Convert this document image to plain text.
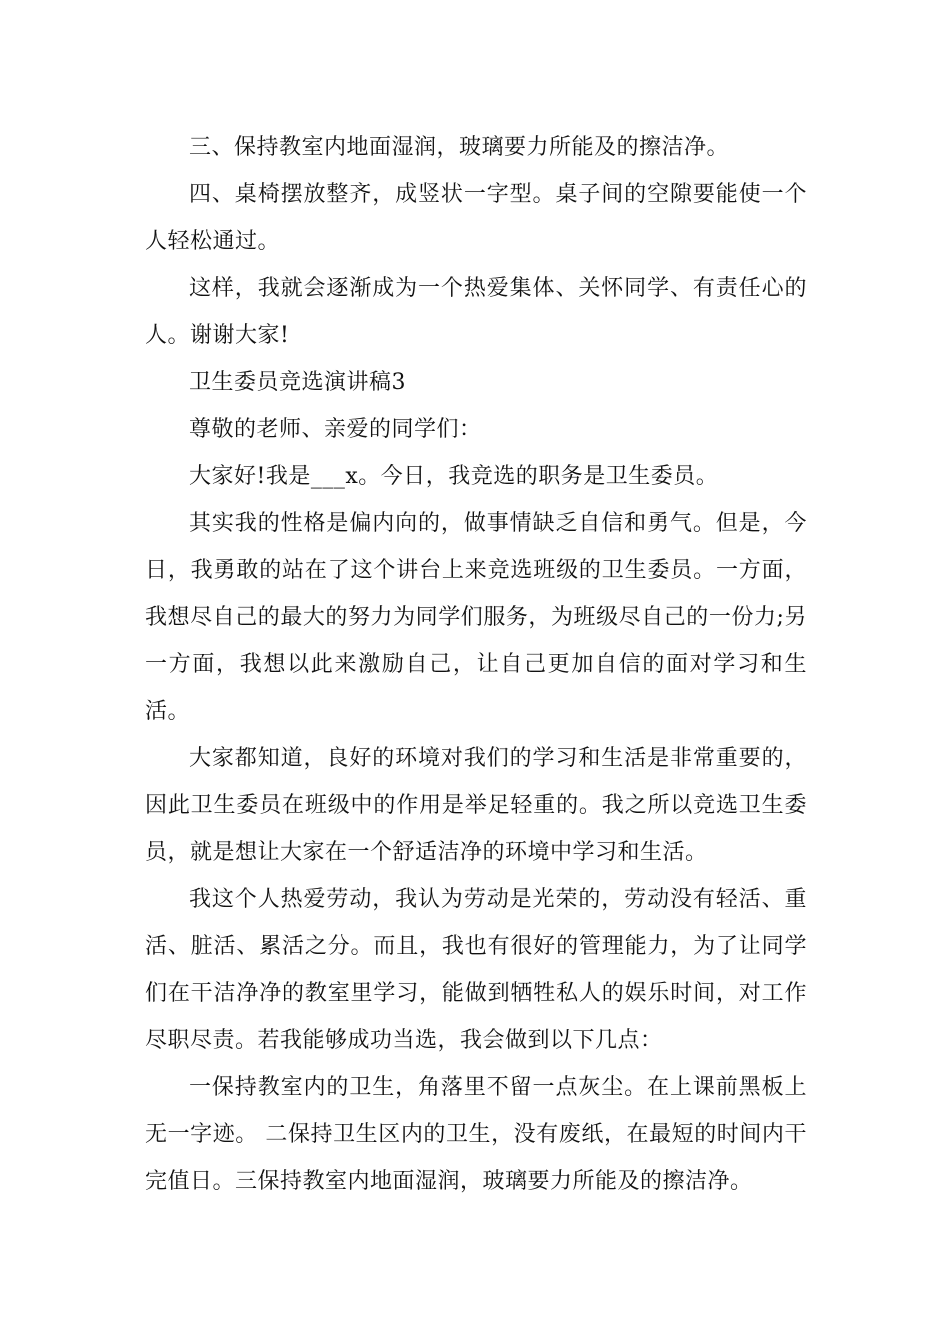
三、保持教室内地面湿润，玻璃要力所能及的擦洁净。

四、桌椅摆放整齐，成竖状一字型。桌子间的空隙要能使一个人轻松通过。

这样，我就会逐渐成为一个热爱集体、关怀同学、有责任心的人。谢谢大家!

卫生委员竞选演讲稿3

尊敬的老师、亲爱的同学们：

大家好!我是___x。今日，我竞选的职务是卫生委员。

其实我的性格是偏内向的，做事情缺乏自信和勇气。但是，今日，我勇敢的站在了这个讲台上来竞选班级的卫生委员。一方面，我想尽自己的最大的努力为同学们服务，为班级尽自己的一份力;另一方面，我想以此来激励自己，让自己更加自信的面对学习和生活。

大家都知道，良好的环境对我们的学习和生活是非常重要的，因此卫生委员在班级中的作用是举足轻重的。我之所以竞选卫生委员，就是想让大家在一个舒适洁净的环境中学习和生活。

我这个人热爱劳动，我认为劳动是光荣的，劳动没有轻活、重活、脏活、累活之分。而且，我也有很好的管理能力，为了让同学们在干洁净净的教室里学习，能做到牺牲私人的娱乐时间，对工作尽职尽责。若我能够成功当选，我会做到以下几点：

一保持教室内的卫生，角落里不留一点灰尘。在上课前黑板上无一字迹。 二保持卫生区内的卫生，没有废纸，在最短的时间内干完值日。三保持教室内地面湿润，玻璃要力所能及的擦洁净。
